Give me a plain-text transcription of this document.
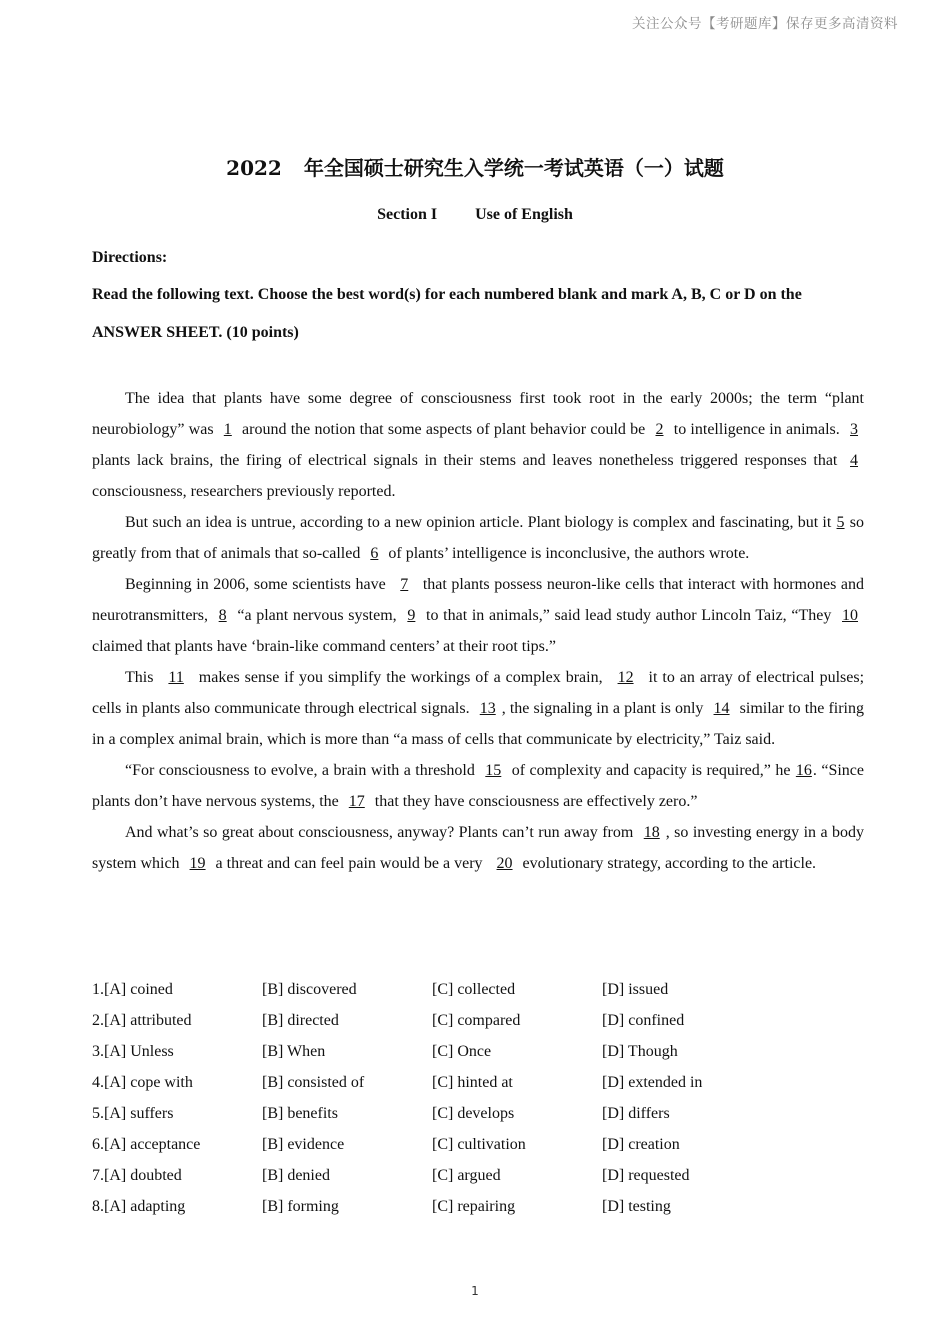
关注公众号【考研题库】保存更多高清资料
2022 年全国硕士研究生入学统一考试英语（一）试题
Section I Use of English
Directions:
Read the following text. Choose the best word(s) for each numbered blank and mark A, B, C or D on the
ANSWER SHEET. (10 points)

The idea that plants have some degree of consciousness first took root in the early 2000s; the term “plant neurobiology” was 1 around the notion that some aspects of plant behavior could be 2 to intelligence in animals. 3 plants lack brains, the firing of electrical signals in their stems and leaves nonetheless triggered responses that 4 consciousness, researchers previously reported.

But such an idea is untrue, according to a new opinion article. Plant biology is complex and fascinating, but it 5 so greatly from that of animals that so-called 6 of plants’ intelligence is inconclusive, the authors wrote.

Beginning in 2006, some scientists have 7 that plants possess neuron-like cells that interact with hormones and neurotransmitters, 8 “a plant nervous system, 9 to that in animals,” said lead study author Lincoln Taiz, “They 10 claimed that plants have ‘brain-like command centers’ at their root tips.”

This 11 makes sense if you simplify the workings of a complex brain, 12 it to an array of electrical pulses; cells in plants also communicate through electrical signals. 13 , the signaling in a plant is only 14 similar to the firing in a complex animal brain, which is more than “a mass of cells that communicate by electricity,” Taiz said.

“For consciousness to evolve, a brain with a threshold 15 of complexity and capacity is required,” he 16. “Since plants don’t have nervous systems, the 17 that they have consciousness are effectively zero.”

And what’s so great about consciousness, anyway? Plants can’t run away from 18 , so investing energy in a body system which 19 a threat and can feel pain would be a very 20 evolutionary strategy, according to the article.

1.[A] coined	[B] discovered	[C] collected	[D] issued
2.[A] attributed	[B] directed	[C] compared	[D] confined
3.[A] Unless	[B] When	[C] Once	[D] Though
4.[A] cope with	[B] consisted of	[C] hinted at	[D] extended in
5.[A] suffers	[B] benefits	[C] develops	[D] differs
6.[A] acceptance	[B] evidence	[C] cultivation	[D] creation
7.[A] doubted	[B] denied	[C] argued	[D] requested
8.[A] adapting	[B] forming	[C] repairing	[D] testing
1
